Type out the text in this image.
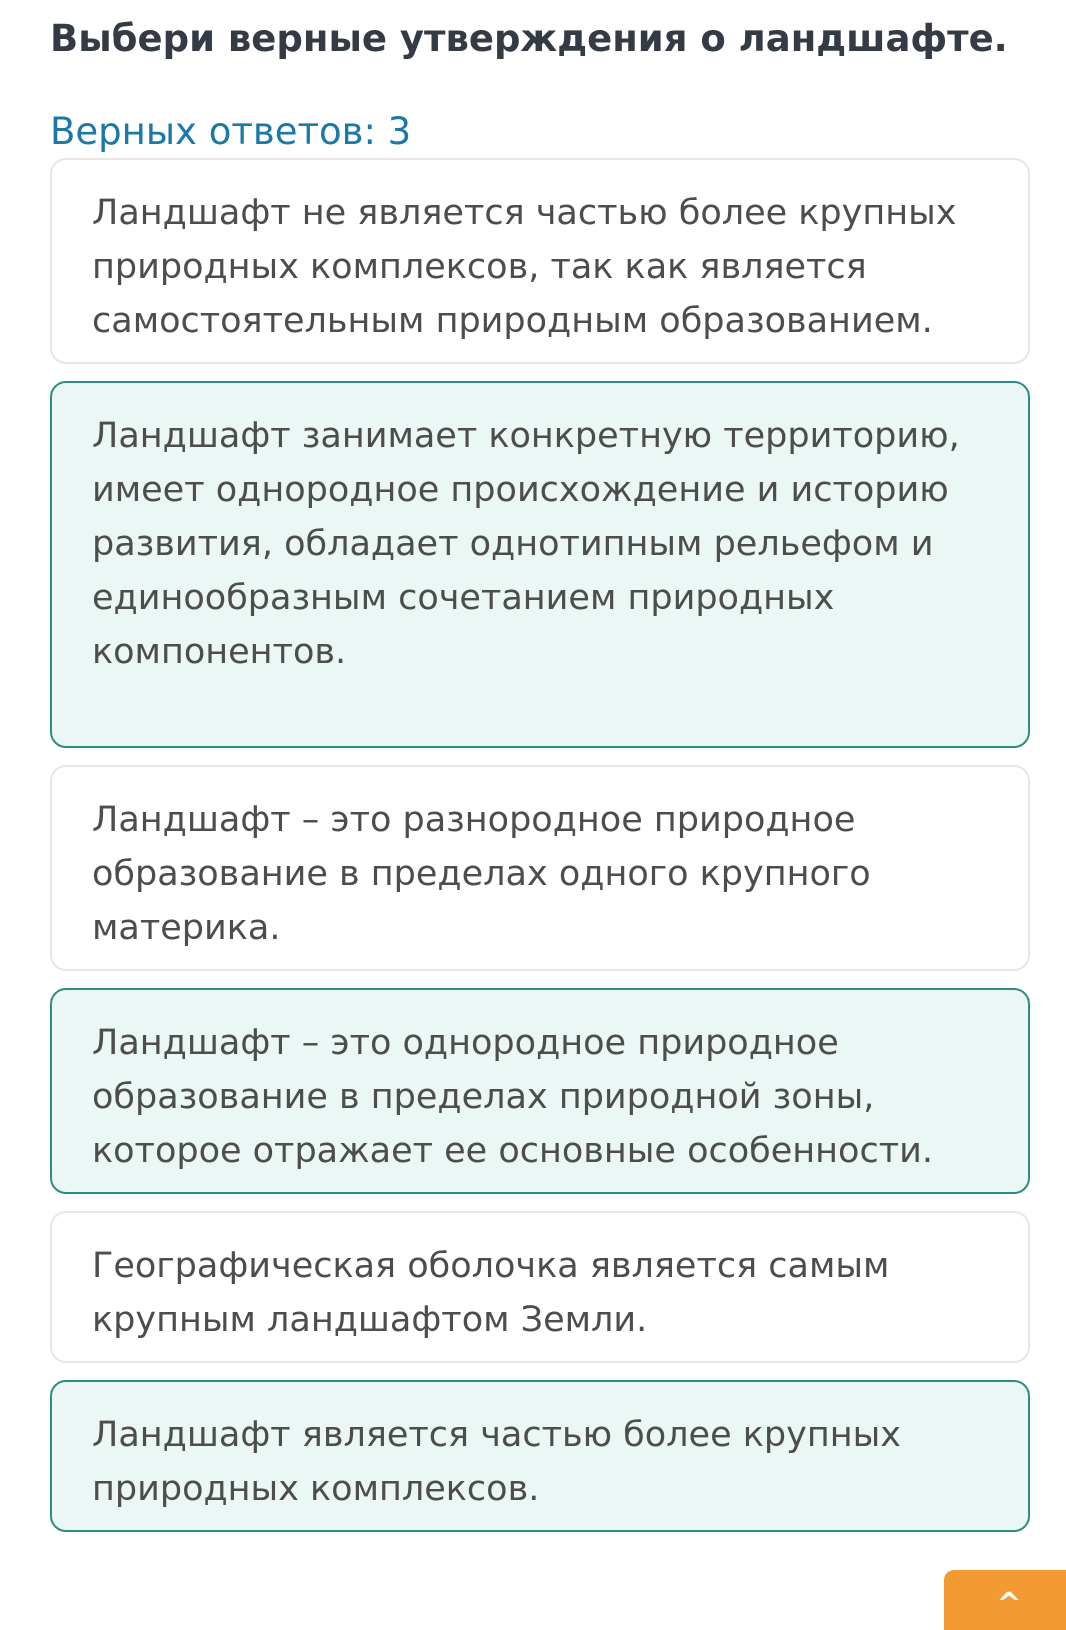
Выбери верные утверждения о ландшафте.
Верных ответов: 3
Ландшафт не является частью более крупных природных комплексов, так как является самостоятельным природным образованием.
Ландшафт занимает конкретную территорию, имеет однородное происхождение и историю развития, обладает однотипным рельефом и единообразным сочетанием природных компонентов.
Ландшафт – это разнородное природное образование в пределах одного крупного материка.
Ландшафт – это однородное природное образование в пределах природной зоны, которое отражает ее основные особенности.
Географическая оболочка является самым крупным ландшафтом Земли.
Ландшафт является частью более крупных природных комплексов.
^
